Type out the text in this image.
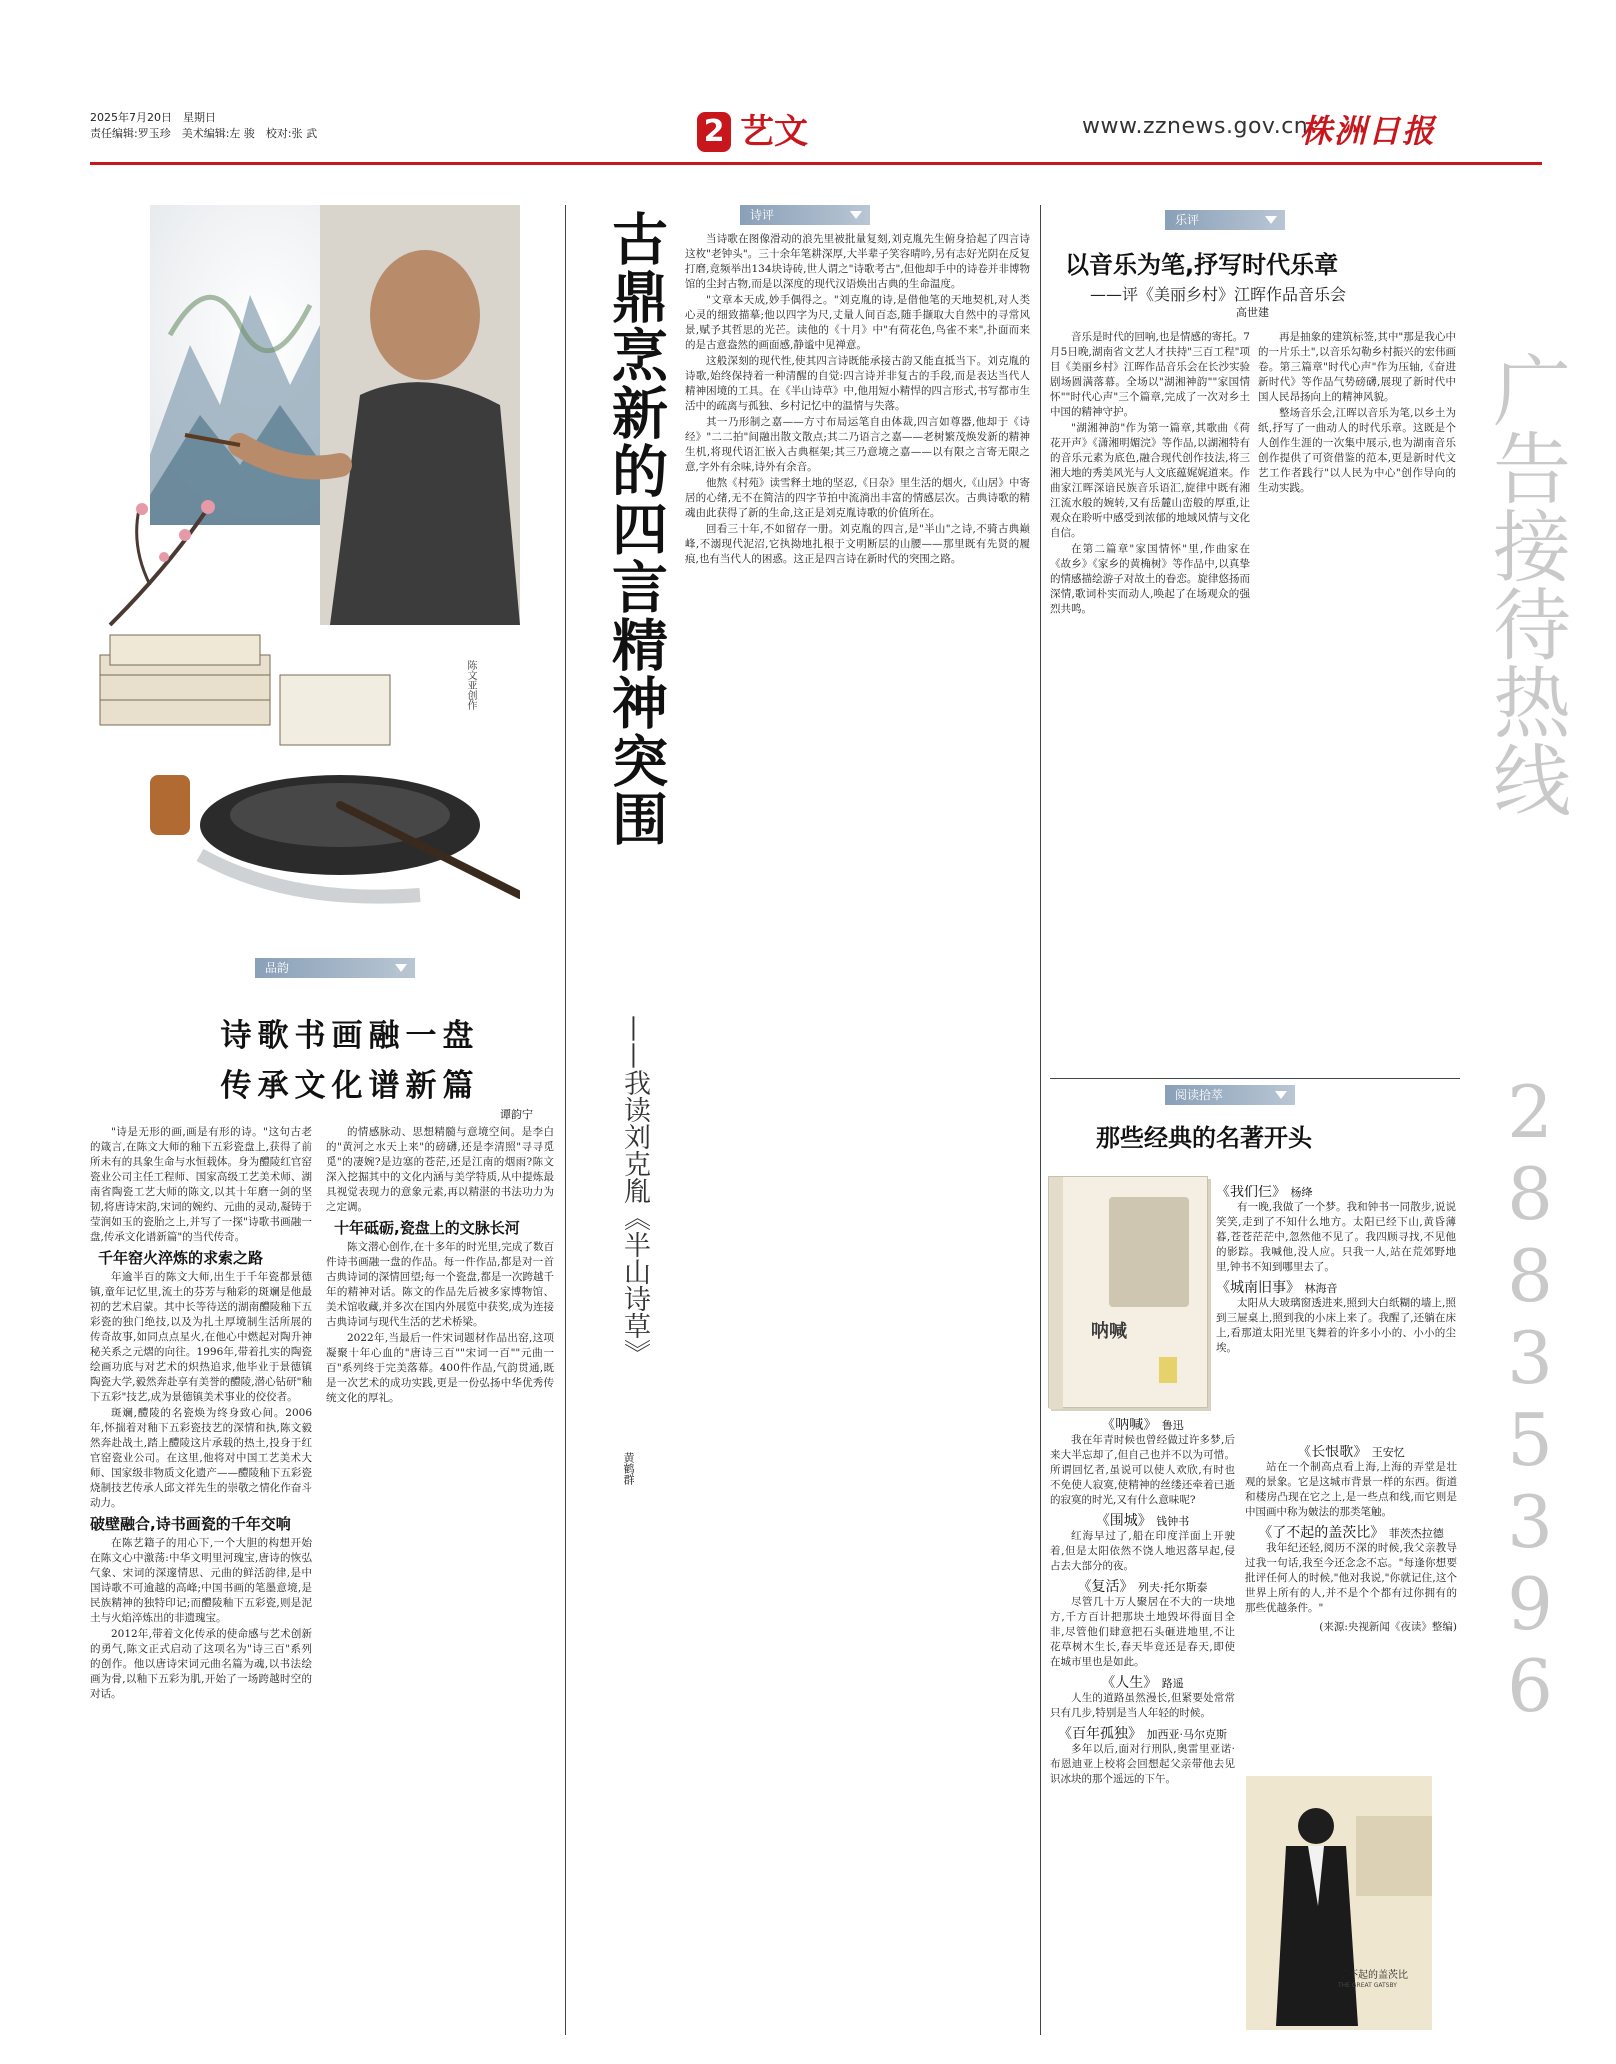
2025年7月20日　星期日
责任编辑:罗玉珍　美术编辑:左 骏　校对:张 武	2 艺文	www.zznews.gov.cn
株洲日报
陈文亚创作
品韵
诗歌书画融一盘
传承文化谱新篇
谭韵宁

"诗是无形的画,画是有形的诗。"这句古老的箴言,在陈文大师的釉下五彩瓷盘上,获得了前所未有的具象生命与水恒载体。身为醴陵红官窑瓷业公司主任工程师、国家高级工艺美术师、湖南省陶瓷工艺大师的陈文,以其十年磨一剑的坚韧,将唐诗宋韵,宋词的婉约、元曲的灵动,凝铸于莹润如玉的瓷胎之上,并写了一探"诗歌书画融一盘,传承文化谱新篇"的当代传奇。

千年窑火淬炼的求索之路

年逾半百的陈文大师,出生于千年瓷都景德镇,童年记忆里,流土的芬芳与釉彩的斑斓是他最初的艺术启蒙。其中长等待送的湖南醴陵釉下五彩瓷的独门绝技,以及为扎土厚境制生活所展的传奇故事,如同点点星火,在他心中燃起对陶升神秘关系之元熠的向往。1996年,带着扎实的陶瓷绘画功底与对艺术的炽热追求,他毕业于景德镇陶瓷大学,毅然奔赴享有美誉的醴陵,潜心钻研"釉下五彩"技艺,成为景德镇美术事业的佼佼者。

斑斓,醴陵的名瓷焕为终身致心间。2006年,怀揣着对釉下五彩瓷技艺的深情和执,陈文毅然奔赴战土,踏上醴陵这片承载的热土,投身于红官窑瓷业公司。在这里,他将对中国工艺美术大师、国家级非物质文化遗产——醴陵釉下五彩瓷烧制技艺传承人邱文祥先生的崇敬之情化作奋斗动力。

破壁融合,诗书画瓷的千年交响

在陈艺籍子的用心下,一个大胆的构想开始在陈文心中激荡:中华文明里河瑰宝,唐诗的恢弘气象、宋词的深邃情思、元曲的鲜活韵律,是中国诗歌不可逾越的高峰;中国书画的笔墨意境,是民族精神的独特印记;而醴陵釉下五彩瓷,则是泥土与火焰淬炼出的非遗瑰宝。

2012年,带着文化传承的使命感与艺术创新的勇气,陈文正式启动了这项名为"诗三百"系列的创作。他以唐诗宋词元曲名篇为魂,以书法绘画为骨,以釉下五彩为肌,开始了一场跨越时空的对话。

的情感脉动、思想精髓与意境空间。是李白的"黄河之水天上来"的磅礴,还是李清照"寻寻觅觅"的凄婉?是边塞的苍茫,还是江南的烟雨?陈文深入挖掘其中的文化内涵与美学特质,从中提炼最具视觉表现力的意象元素,再以精湛的书法功力为之定调。

十年砥砺,瓷盘上的文脉长河

陈文潜心创作,在十多年的时光里,完成了数百件诗书画融一盘的作品。每一件作品,都是对一首古典诗词的深情回望;每一个瓷盘,都是一次跨越千年的精神对话。陈文的作品先后被多家博物馆、美术馆收藏,并多次在国内外展览中获奖,成为连接古典诗词与现代生活的艺术桥梁。

2022年,当最后一件宋词题材作品出窑,这项凝聚十年心血的"唐诗三百""宋词一百""元曲一百"系列终于完美落幕。400件作品,气韵贯通,既是一次艺术的成功实践,更是一份弘扬中华优秀传统文化的厚礼。

诗评
古鼎烹新的四言精神突围
——我读刘克胤《半山诗草》
黄鹤群

当诗歌在图像滑动的浪先里被批量复刻,刘克胤先生俯身拾起了四言诗这枚"老钟头"。三十余年笔耕深厚,大半辈子笑容晴吟,另有志好光阴在反复打磨,竟频举出134块诗砖,世人谓之"诗歌考古",但他却手中的诗卷并非博物馆的尘封古物,而是以深度的现代汉语焕出古典的生命温度。

"文章本天成,妙手偶得之。"刘克胤的诗,是借他笔的天地契机,对人类心灵的细致描摹;他以四字为尺,丈量人间百态,随手撷取大自然中的寻常风景,赋予其哲思的光芒。读他的《十月》中"有荷花色,鸟雀不来",扑面而来的是古意盎然的画面感,静谧中见禅意。

这般深刻的现代性,使其四言诗既能承接古韵又能直抵当下。刘克胤的诗歌,始终保持着一种清醒的自觉:四言诗并非复古的手段,而是表达当代人精神困境的工具。在《半山诗草》中,他用短小精悍的四言形式,书写都市生活中的疏离与孤独、乡村记忆中的温情与失落。

其一乃形制之嘉——方寸布局运笔自由体裁,四言如尊器,他却于《诗经》"二二拍"间融出散文散点;其二乃语言之嘉——老树繁茂焕发新的精神生机,将现代语汇嵌入古典框架;其三乃意境之嘉——以有限之言寄无限之意,字外有余味,诗外有余音。

他熬《村苑》读雪释土地的坚忍,《日杂》里生活的烟火,《山居》中寄居的心绪,无不在简洁的四字节拍中流淌出丰富的情感层次。古典诗歌的精魂由此获得了新的生命,这正是刘克胤诗歌的价值所在。

回看三十年,不如留存一册。刘克胤的四言,是"半山"之诗,不骑古典巅峰,不溺现代泥沼,它执拗地扎根于文明断层的山腰——那里既有先贤的履痕,也有当代人的困惑。这正是四言诗在新时代的突围之路。

乐评
以音乐为笔,抒写时代乐章
——评《美丽乡村》江晖作品音乐会
高世建

音乐是时代的回响,也是情感的寄托。7月5日晚,湖南省文艺人才扶持"三百工程"项目《美丽乡村》江晖作品音乐会在长沙实验剧场圆满落幕。全场以"湖湘神韵""家国情怀""时代心声"三个篇章,完成了一次对乡土中国的精神守护。

"湖湘神韵"作为第一篇章,其歌曲《荷花开声》《潇湘明媚浣》等作品,以湖湘特有的音乐元素为底色,融合现代创作技法,将三湘大地的秀美风光与人文底蕴娓娓道来。作曲家江晖深谙民族音乐语汇,旋律中既有湘江流水般的婉转,又有岳麓山峦般的厚重,让观众在聆听中感受到浓郁的地域风情与文化自信。

在第二篇章"家国情怀"里,作曲家在《故乡》《家乡的黄桷树》等作品中,以真挚的情感描绘游子对故土的眷恋。旋律悠扬而深情,歌词朴实而动人,唤起了在场观众的强烈共鸣。

再是抽象的建筑标签,其中"那是我心中的一片乐土",以音乐勾勒乡村振兴的宏伟画卷。第三篇章"时代心声"作为压轴,《奋进新时代》等作品气势磅礴,展现了新时代中国人民昂扬向上的精神风貌。

整场音乐会,江晖以音乐为笔,以乡土为纸,抒写了一曲动人的时代乐章。这既是个人创作生涯的一次集中展示,也为湖南音乐创作提供了可资借鉴的范本,更是新时代文艺工作者践行"以人民为中心"创作导向的生动实践。

阅读拾萃
那些经典的名著开头
呐喊
《我们仨》 杨绛

有一晚,我做了一个梦。我和钟书一同散步,说说笑笑,走到了不知什么地方。太阳已经下山,黄昏薄暮,苍苍茫茫中,忽然他不见了。我四顾寻找,不见他的影踪。我喊他,没人应。只我一人,站在荒郊野地里,钟书不知到哪里去了。

《城南旧事》 林海音

太阳从大玻璃窗透进来,照到大白纸糊的墙上,照到三屉桌上,照到我的小床上来了。我醒了,还躺在床上,看那道太阳光里飞舞着的许多小小的、小小的尘埃。

《呐喊》 鲁迅

我在年青时候也曾经做过许多梦,后来大半忘却了,但自己也并不以为可惜。所谓回忆者,虽说可以使人欢欣,有时也不免使人寂寞,使精神的丝缕还牵着已逝的寂寞的时光,又有什么意味呢?

《围城》 钱钟书

红海早过了,船在印度洋面上开驶着,但是太阳依然不饶人地迟落早起,侵占去大部分的夜。

《复活》 列夫·托尔斯泰

尽管几十万人聚居在不大的一块地方,千方百计把那块土地毁坏得面目全非,尽管他们肆意把石头砸进地里,不让花草树木生长,春天毕竟还是春天,即使在城市里也是如此。

《人生》 路遥

人生的道路虽然漫长,但紧要处常常只有几步,特别是当人年轻的时候。

《百年孤独》 加西亚·马尔克斯

多年以后,面对行刑队,奥雷里亚诺·布恩迪亚上校将会回想起父亲带他去见识冰块的那个遥远的下午。

《长恨歌》 王安忆

站在一个制高点看上海,上海的弄堂是壮观的景象。它是这城市背景一样的东西。街道和楼房凸现在它之上,是一些点和线,而它则是中国画中称为皴法的那类笔触。

《了不起的盖茨比》 菲茨杰拉德

我年纪还轻,阅历不深的时候,我父亲教导过我一句话,我至今还念念不忘。"每逢你想要批评任何人的时候,"他对我说,"你就记住,这个世界上所有的人,并不是个个都有过你拥有的那些优越条件。"

(来源:央视新闻《夜读》整编)
了不起的盖茨比
THE GREAT GATSBY
广告接待热线
28835396
